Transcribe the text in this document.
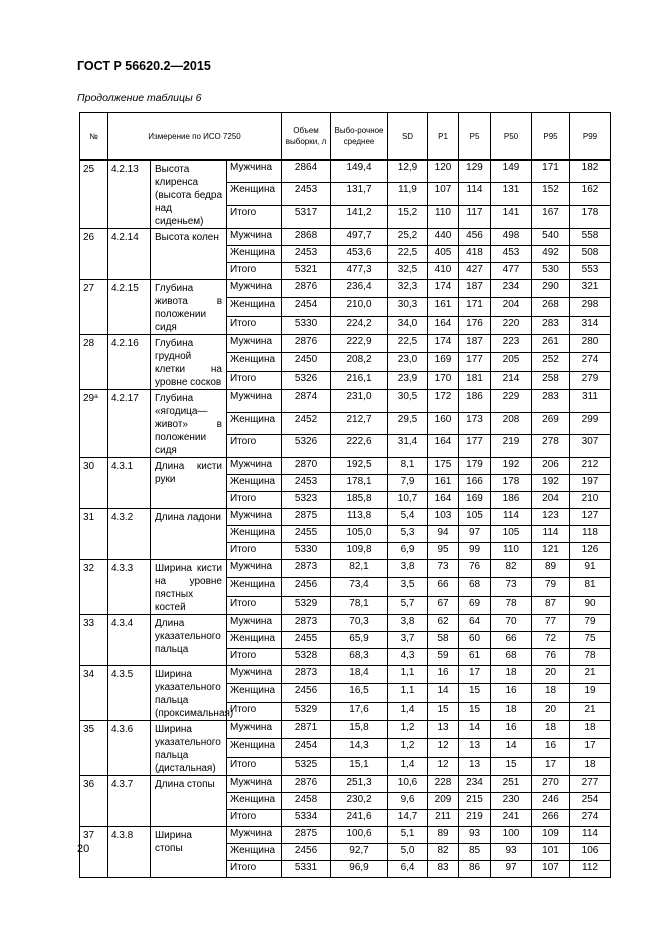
ГОСТ Р 56620.2—2015
Продолжение таблицы 6
№	Измерение по ИСО 7250			Объем выборки, л	Выбо-рочное среднее	SD	P1	P5	P50	P95	P99
25	4.2.13	Высота клиренса (высота бедра над сиденьем)	Мужчина	2864	149,4	12,9	120	129	149	171	182
			Женщина	2453	131,7	11,9	107	114	131	152	162
			Итого	5317	141,2	15,2	110	117	141	167	178
26	4.2.14	Высота колен	Мужчина	2868	497,7	25,2	440	456	498	540	558
			Женщина	2453	453,6	22,5	405	418	453	492	508
			Итого	5321	477,3	32,5	410	427	477	530	553
27	4.2.15	Глубина живота в положении сидя	Мужчина	2876	236,4	32,3	174	187	234	290	321
			Женщина	2454	210,0	30,3	161	171	204	268	298
			Итого	5330	224,2	34,0	164	176	220	283	314
28	4.2.16	Глубина грудной клетки на уровне сосков	Мужчина	2876	222,9	22,5	174	187	223	261	280
			Женщина	2450	208,2	23,0	169	177	205	252	274
			Итого	5326	216,1	23,9	170	181	214	258	279
$29^а$	4.2.17	Глубина «ягодица—живот» в положении сидя	Мужчина	2874	231,0	30,5	172	186	229	283	311
			Женщина	2452	212,7	29,5	160	173	208	269	299
			Итого	5326	222,6	31,4	164	177	219	278	307
30	4.3.1	Длина кисти руки	Мужчина	2870	192,5	8,1	175	179	192	206	212
			Женщина	2453	178,1	7,9	161	166	178	192	197
			Итого	5323	185,8	10,7	164	169	186	204	210
31	4.3.2	Длина ладони	Мужчина	2875	113,8	5,4	103	105	114	123	127
			Женщина	2455	105,0	5,3	94	97	105	114	118
			Итого	5330	109,8	6,9	95	99	110	121	126
32	4.3.3	Ширина кисти на уровне пястных костей	Мужчина	2873	82,1	3,8	73	76	82	89	91
			Женщина	2456	73,4	3,5	66	68	73	79	81
			Итого	5329	78,1	5,7	67	69	78	87	90
33	4.3.4	Длина указательного пальца	Мужчина	2873	70,3	3,8	62	64	70	77	79
			Женщина	2455	65,9	3,7	58	60	66	72	75
			Итого	5328	68,3	4,3	59	61	68	76	78
34	4.3.5	Ширина указательного пальца (проксимальная)	Мужчина	2873	18,4	1,1	16	17	18	20	21
			Женщина	2456	16,5	1,1	14	15	16	18	19
			Итого	5329	17,6	1,4	15	15	18	20	21
35	4.3.6	Ширина указательного пальца (дистальная)	Мужчина	2871	15,8	1,2	13	14	16	18	18
			Женщина	2454	14,3	1,2	12	13	14	16	17
			Итого	5325	15,1	1,4	12	13	15	17	18
36	4.3.7	Длина стопы	Мужчина	2876	251,3	10,6	228	234	251	270	277
			Женщина	2458	230,2	9,6	209	215	230	246	254
			Итого	5334	241,6	14,7	211	219	241	266	274
37	4.3.8	Ширина стопы	Мужчина	2875	100,6	5,1	89	93	100	109	114
			Женщина	2456	92,7	5,0	82	85	93	101	106
			Итого	5331	96,9	6,4	83	86	97	107	112
20
